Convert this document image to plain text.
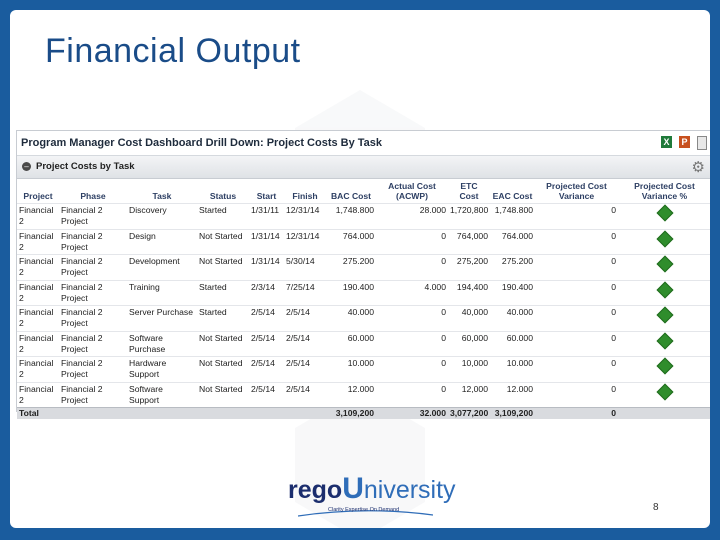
Financial Output
Program Manager Cost Dashboard Drill Down: Project Costs By Task	X P
– Project Costs by Task	⚙
Project	Phase	Task	Status	Start	Finish	BAC Cost	Actual Cost (ACWP)	ETC Cost	EAC Cost	Projected Cost Variance	Projected Cost Variance %
Financial 2	Financial 2 Project	Discovery	Started	1/31/11	12/31/14	1,748.800	28.000	1,720,800	1,748.800	0	
Financial 2	Financial 2 Project	Design	Not Started	1/31/14	12/31/14	764.000	0	764,000	764.000	0	
Financial 2	Financial 2 Project	Development	Not Started	1/31/14	5/30/14	275.200	0	275,200	275.200	0	
Financial 2	Financial 2 Project	Training	Started	2/3/14	7/25/14	190.400	4.000	194,400	190.400	0	
Financial 2	Financial 2 Project	Server Purchase	Started	2/5/14	2/5/14	40.000	0	40,000	40.000	0	
Financial 2	Financial 2 Project	Software Purchase	Not Started	2/5/14	2/5/14	60.000	0	60,000	60.000	0	
Financial 2	Financial 2 Project	Hardware Support	Not Started	2/5/14	2/5/14	10.000	0	10,000	10.000	0	
Financial 2	Financial 2 Project	Software Support	Not Started	2/5/14	2/5/14	12.000	0	12,000	12.000	0	
Total						3,109,200	32.000	3,077,200	3,109,200	0	
regoUniversity
Clarity Expertise On Demand	8
